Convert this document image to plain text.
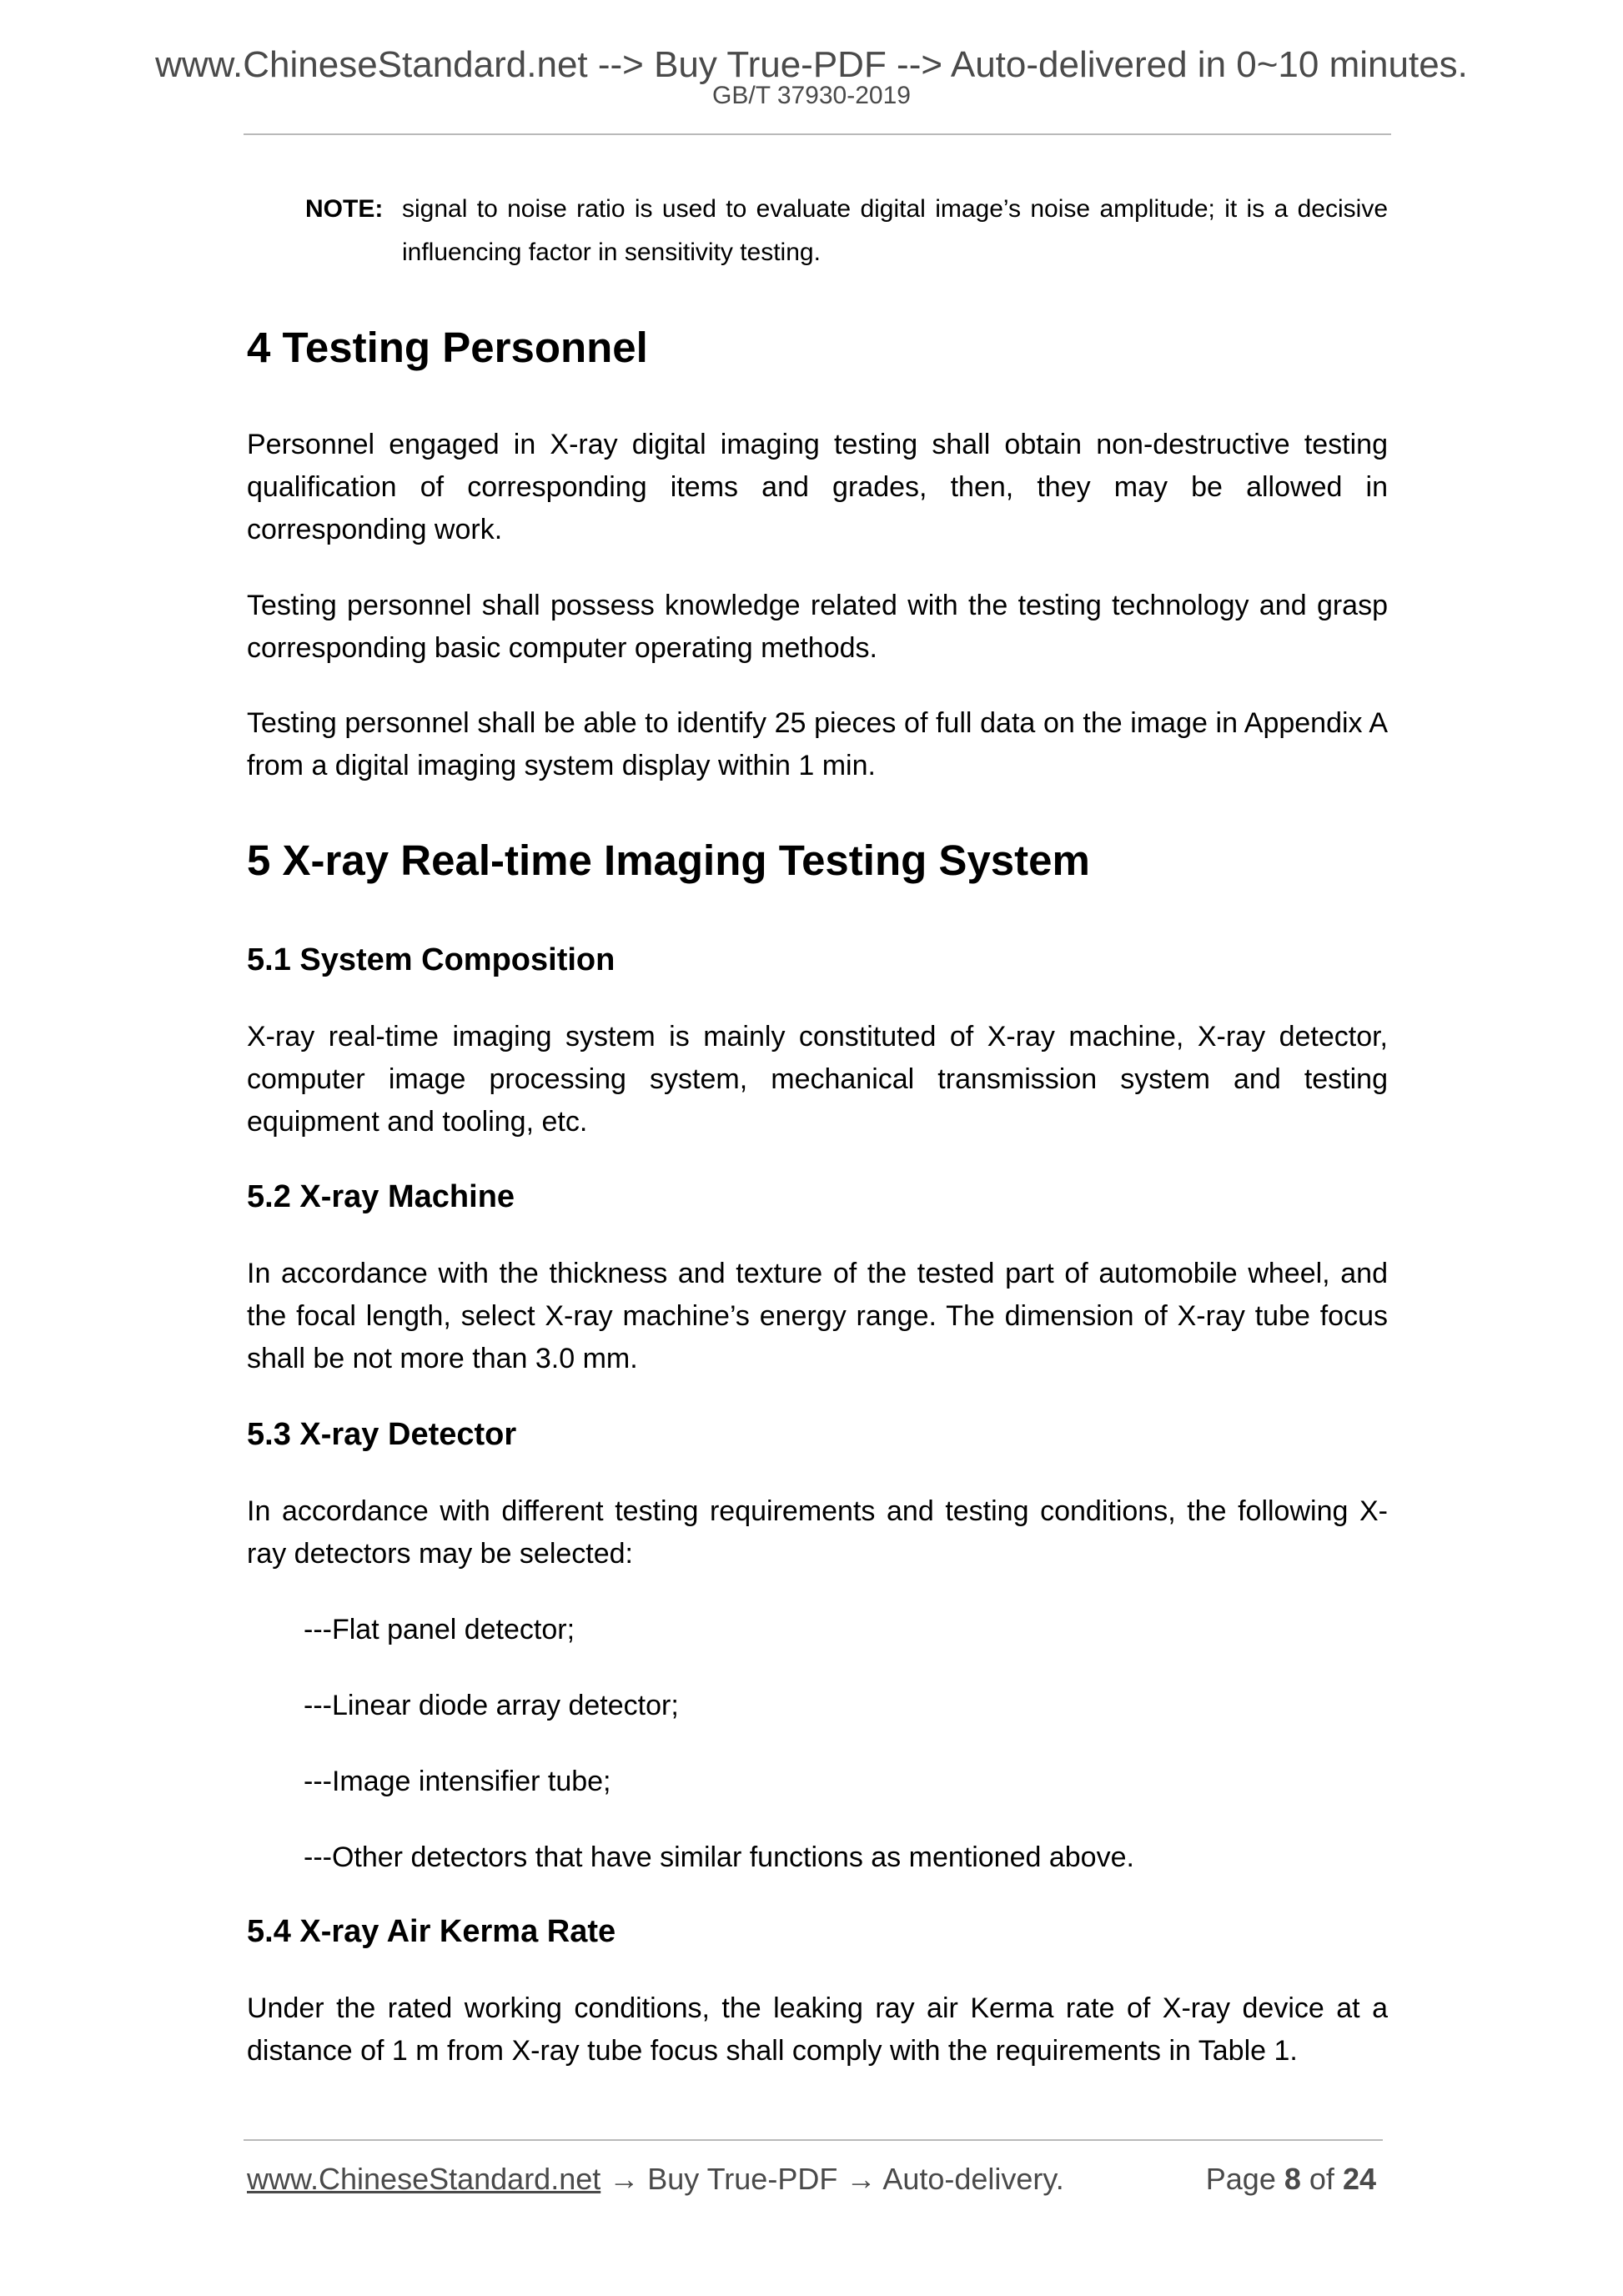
www.ChineseStandard.net --> Buy True-PDF --> Auto-delivered in 0~10 minutes.
GB/T 37930-2019
NOTE: signal to noise ratio is used to evaluate digital image’s noise amplitude; it is a decisive influencing factor in sensitivity testing.
4 Testing Personnel
Personnel engaged in X-ray digital imaging testing shall obtain non-destructive testing qualification of corresponding items and grades, then, they may be allowed in corresponding work.
Testing personnel shall possess knowledge related with the testing technology and grasp corresponding basic computer operating methods.
Testing personnel shall be able to identify 25 pieces of full data on the image in Appendix A from a digital imaging system display within 1 min.
5 X-ray Real-time Imaging Testing System
5.1 System Composition
X-ray real-time imaging system is mainly constituted of X-ray machine, X-ray detector, computer image processing system, mechanical transmission system and testing equipment and tooling, etc.
5.2 X-ray Machine
In accordance with the thickness and texture of the tested part of automobile wheel, and the focal length, select X-ray machine’s energy range. The dimension of X-ray tube focus shall be not more than 3.0 mm.
5.3 X-ray Detector
In accordance with different testing requirements and testing conditions, the following X-ray detectors may be selected:
---Flat panel detector;
---Linear diode array detector;
---Image intensifier tube;
---Other detectors that have similar functions as mentioned above.
5.4 X-ray Air Kerma Rate
Under the rated working conditions, the leaking ray air Kerma rate of X-ray device at a distance of 1 m from X-ray tube focus shall comply with the requirements in Table 1.
www.ChineseStandard.net → Buy True-PDF → Auto-delivery.	Page 8 of 24
